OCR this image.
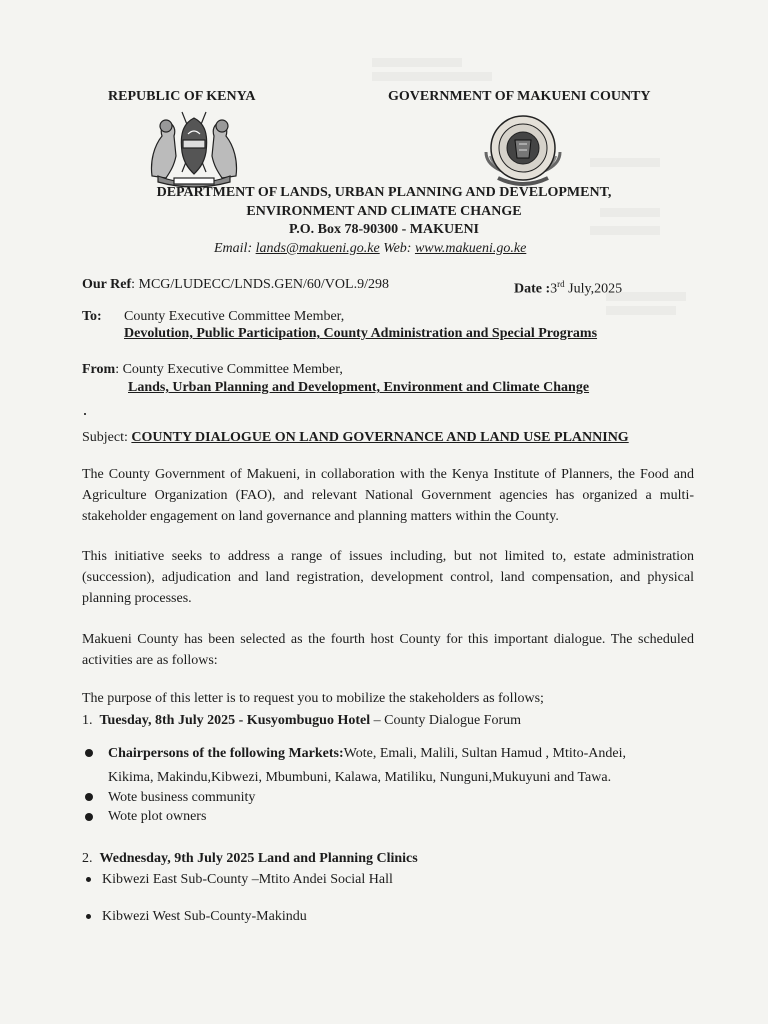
REPUBLIC OF KENYA	GOVERNMENT OF MAKUENI COUNTY
DEPARTMENT OF LANDS, URBAN PLANNING AND DEVELOPMENT,
ENVIRONMENT AND CLIMATE CHANGE
P.O. Box 78-90300 - MAKUENI
Email: lands@makueni.go.ke Web: www.makueni.go.ke
Our Ref: MCG/LUDECC/LNDS.GEN/60/VOL.9/298	Date :3rd July,2025
To: County Executive Committee Member,
Devolution, Public Participation, County Administration and Special Programs
From: County Executive Committee Member,
Lands, Urban Planning and Development, Environment and Climate Change
Subject: COUNTY DIALOGUE ON LAND GOVERNANCE AND LAND USE PLANNING
The County Government of Makueni, in collaboration with the Kenya Institute of Planners, the Food and Agriculture Organization (FAO), and relevant National Government agencies has organized a multi-stakeholder engagement on land governance and planning matters within the County.
This initiative seeks to address a range of issues including, but not limited to, estate administration (succession), adjudication and land registration, development control, land compensation, and physical planning processes.
Makueni County has been selected as the fourth host County for this important dialogue. The scheduled activities are as follows:
The purpose of this letter is to request you to mobilize the stakeholders as follows;
1. Tuesday, 8th July 2025 - Kusyombuguo Hotel – County Dialogue Forum
Chairpersons of the following Markets:Wote, Emali, Malili, Sultan Hamud , Mtito-Andei,
Kikima, Makindu,Kibwezi, Mbumbuni, Kalawa, Matiliku, Nunguni,Mukuyuni and Tawa.
Wote business community
Wote plot owners
2. Wednesday, 9th July 2025 Land and Planning Clinics
Kibwezi East Sub-County –Mtito Andei Social Hall
Kibwezi West Sub-County-Makindu
